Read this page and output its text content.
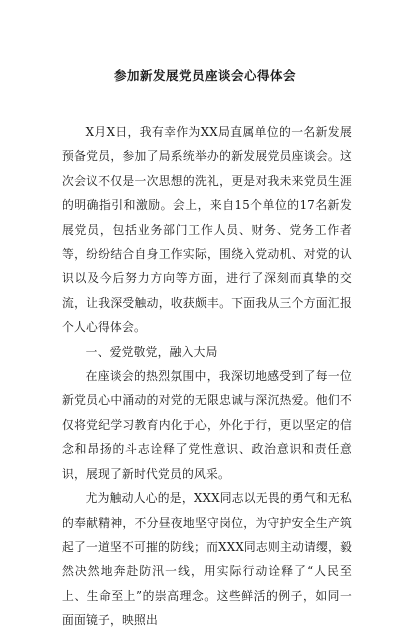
参加新发展党员座谈会心得体会

X月X日，我有幸作为XX局直属单位的一名新发展预备党员，参加了局系统举办的新发展党员座谈会。这次会议不仅是一次思想的洗礼，更是对我未来党员生涯的明确指引和激励。会上，来自15个单位的17名新发展党员，包括业务部门工作人员、财务、党务工作者等，纷纷结合自身工作实际，围绕入党动机、对党的认识以及今后努力方向等方面，进行了深刻而真挚的交流，让我深受触动，收获颇丰。下面我从三个方面汇报个人心得体会。

一、爱党敬党，融入大局

在座谈会的热烈氛围中，我深切地感受到了每一位新党员心中涌动的对党的无限忠诚与深沉热爱。他们不仅将党纪学习教育内化于心，外化于行，更以坚定的信念和昂扬的斗志诠释了党性意识、政治意识和责任意识，展现了新时代党员的风采。

尤为触动人心的是，XXX同志以无畏的勇气和无私的奉献精神，不分昼夜地坚守岗位，为守护安全生产筑起了一道坚不可摧的防线；而XXX同志则主动请缨，毅然决然地奔赴防汛一线，用实际行动诠释了“人民至上、生命至上”的崇高理念。这些鲜活的例子，如同一面面镜子，映照出
